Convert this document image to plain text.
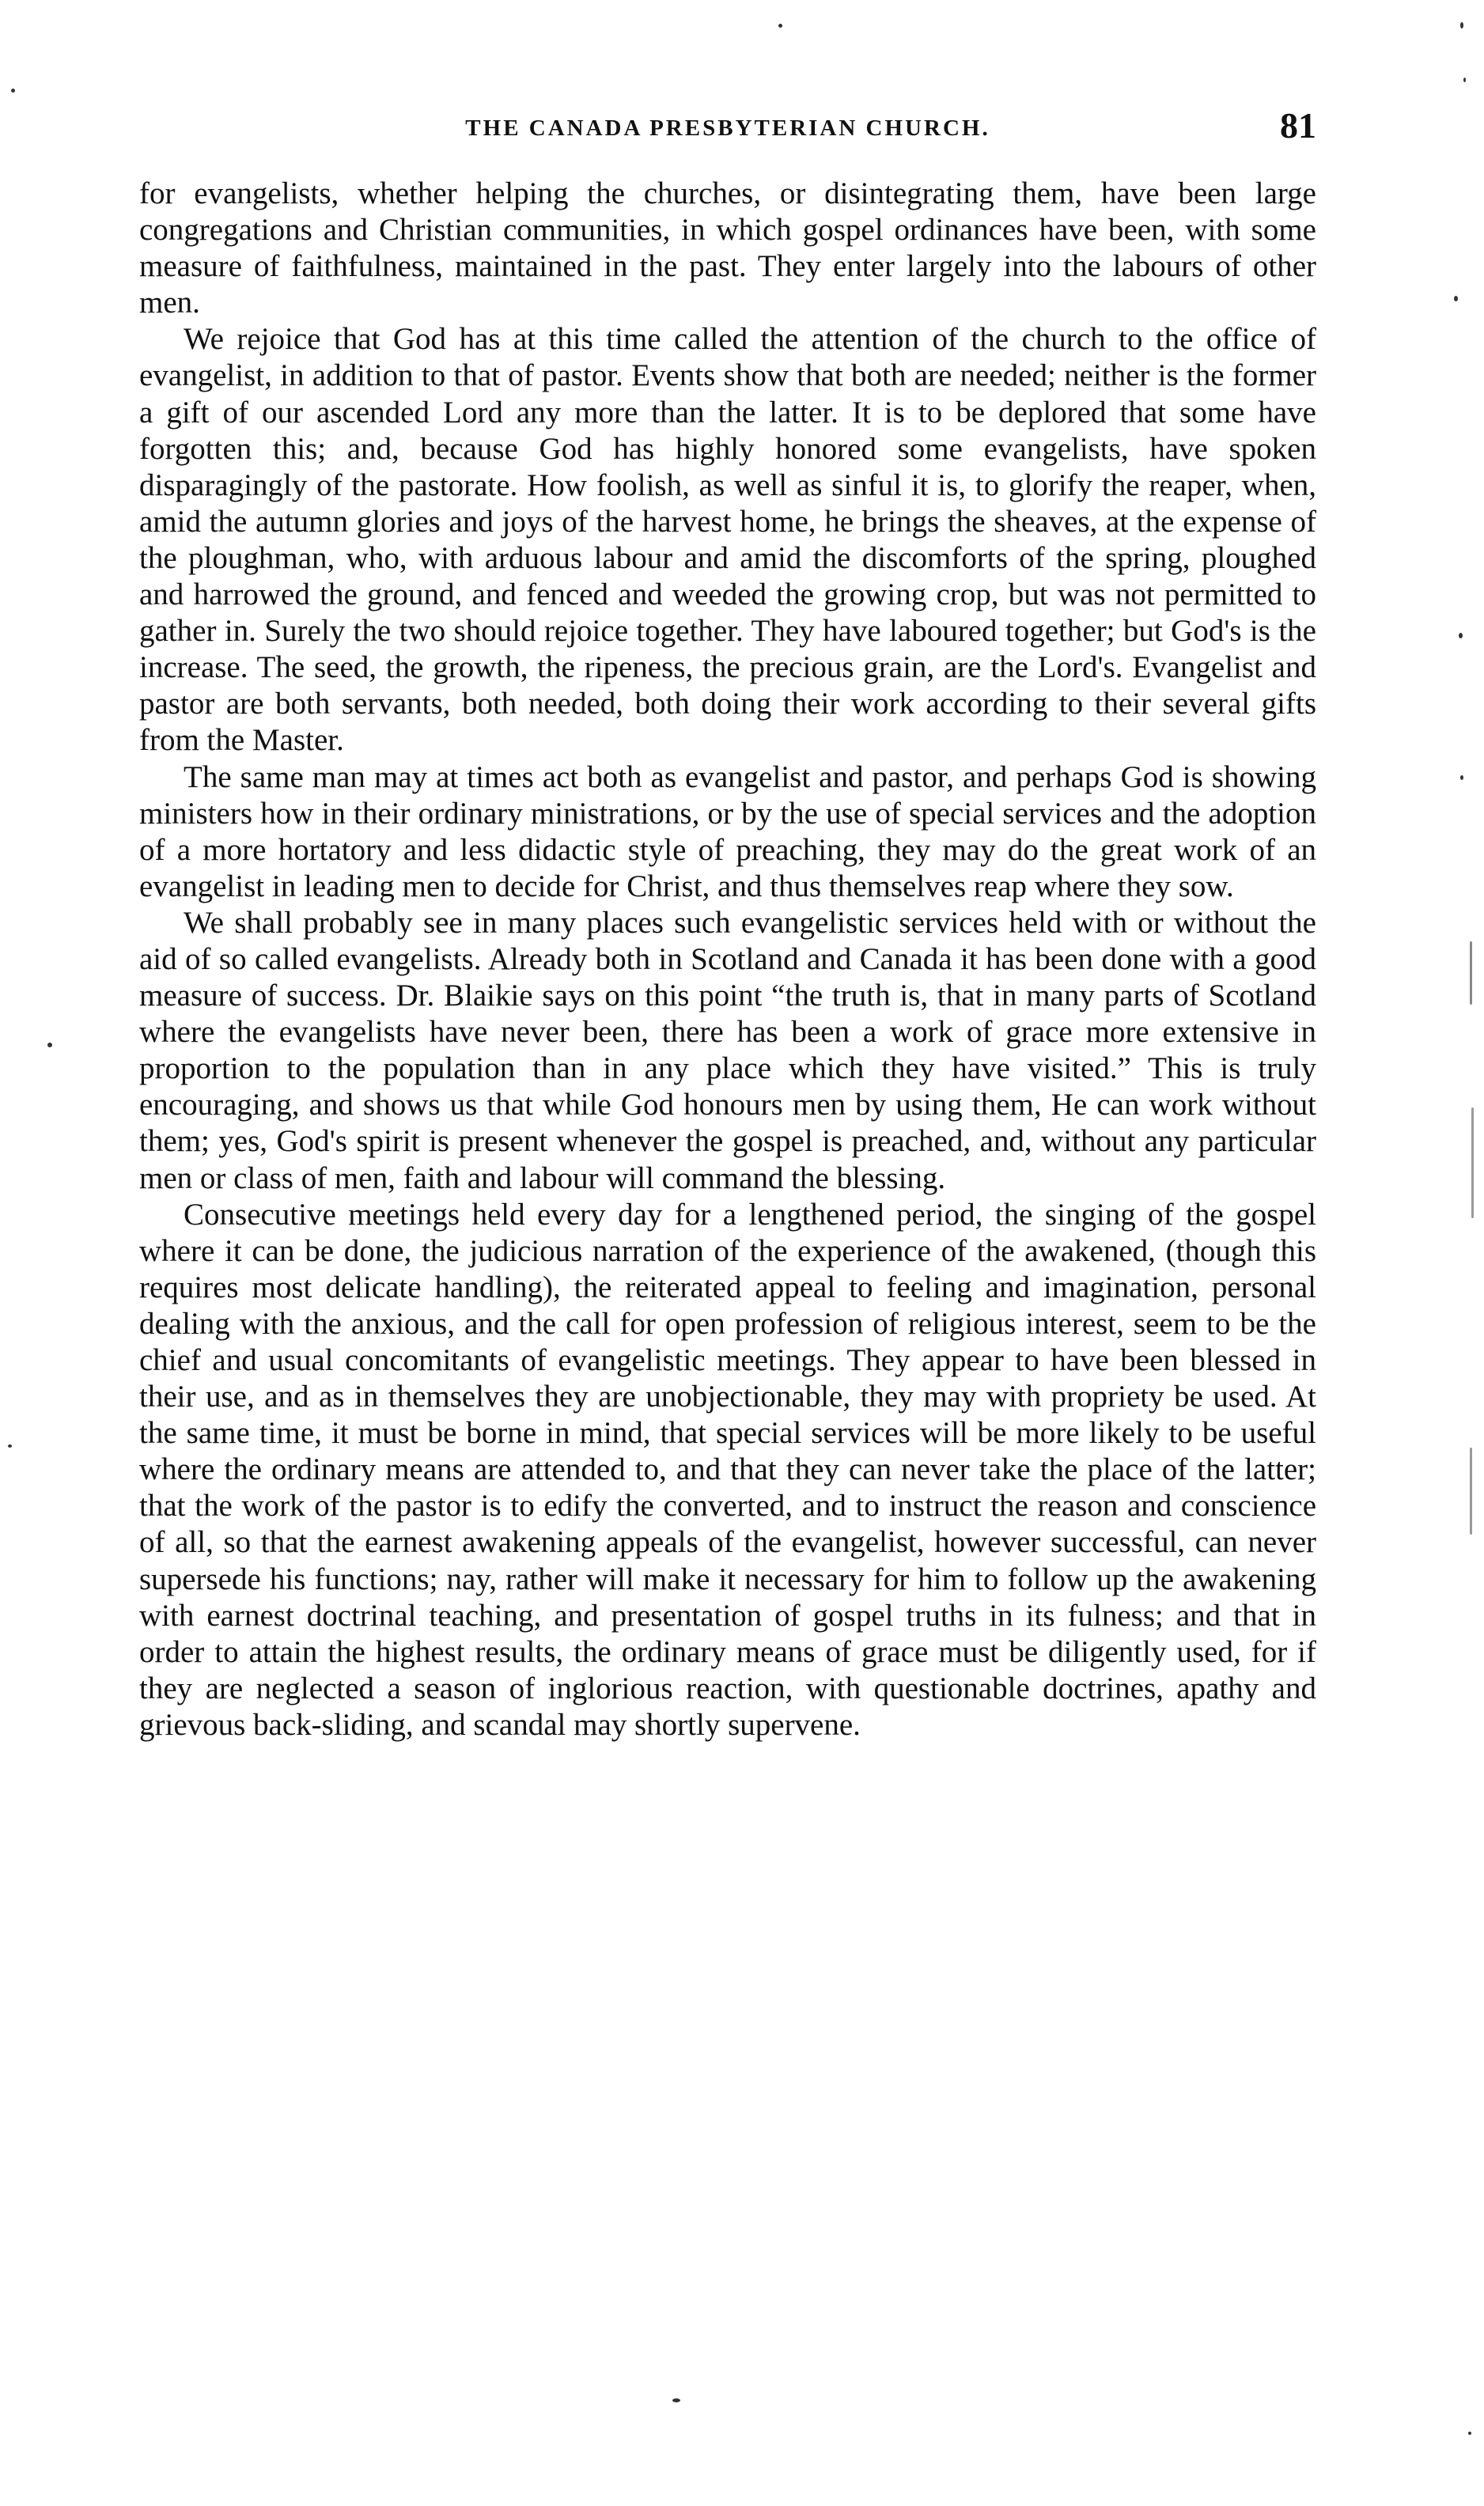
THE CANADA PRESBYTERIAN CHURCH.	81

for evangelists, whether helping the churches, or disintegrating them, have been large congregations and Christian communities, in which gospel ordinances have been, with some measure of faithfulness, maintained in the past. They enter largely into the labours of other men.

We rejoice that God has at this time called the attention of the church to the office of evangelist, in addition to that of pastor. Events show that both are needed; neither is the former a gift of our ascended Lord any more than the latter. It is to be deplored that some have forgotten this; and, because God has highly honored some evangelists, have spoken disparagingly of the pastorate. How foolish, as well as sinful it is, to glorify the reaper, when, amid the autumn glories and joys of the harvest home, he brings the sheaves, at the expense of the ploughman, who, with arduous labour and amid the discomforts of the spring, ploughed and harrowed the ground, and fenced and weeded the growing crop, but was not permitted to gather in. Surely the two should rejoice together. They have laboured together; but God's is the increase. The seed, the growth, the ripeness, the precious grain, are the Lord's. Evangelist and pastor are both servants, both needed, both doing their work according to their several gifts from the Master.

The same man may at times act both as evangelist and pastor, and perhaps God is showing ministers how in their ordinary ministrations, or by the use of special services and the adoption of a more hortatory and less didactic style of preaching, they may do the great work of an evangelist in leading men to decide for Christ, and thus themselves reap where they sow.

We shall probably see in many places such evangelistic services held with or without the aid of so called evangelists. Already both in Scotland and Canada it has been done with a good measure of success. Dr. Blaikie says on this point “the truth is, that in many parts of Scotland where the evangelists have never been, there has been a work of grace more extensive in proportion to the population than in any place which they have visited.” This is truly encouraging, and shows us that while God honours men by using them, He can work without them; yes, God's spirit is present whenever the gospel is preached, and, without any particular men or class of men, faith and labour will command the blessing.

Consecutive meetings held every day for a lengthened period, the singing of the gospel where it can be done, the judicious narration of the experience of the awakened, (though this requires most delicate handling), the reiterated appeal to feeling and imagination, personal dealing with the anxious, and the call for open profession of religious interest, seem to be the chief and usual concomitants of evangelistic meetings. They appear to have been blessed in their use, and as in themselves they are unobjectionable, they may with propriety be used. At the same time, it must be borne in mind, that special services will be more likely to be useful where the ordinary means are attended to, and that they can never take the place of the latter; that the work of the pastor is to edify the converted, and to instruct the reason and conscience of all, so that the earnest awakening appeals of the evangelist, however successful, can never supersede his functions; nay, rather will make it necessary for him to follow up the awakening with earnest doctrinal teaching, and presentation of gospel truths in its fulness; and that in order to attain the highest results, the ordinary means of grace must be diligently used, for if they are neglected a season of inglorious reaction, with questionable doctrines, apathy and grievous back-sliding, and scandal may shortly supervene.
